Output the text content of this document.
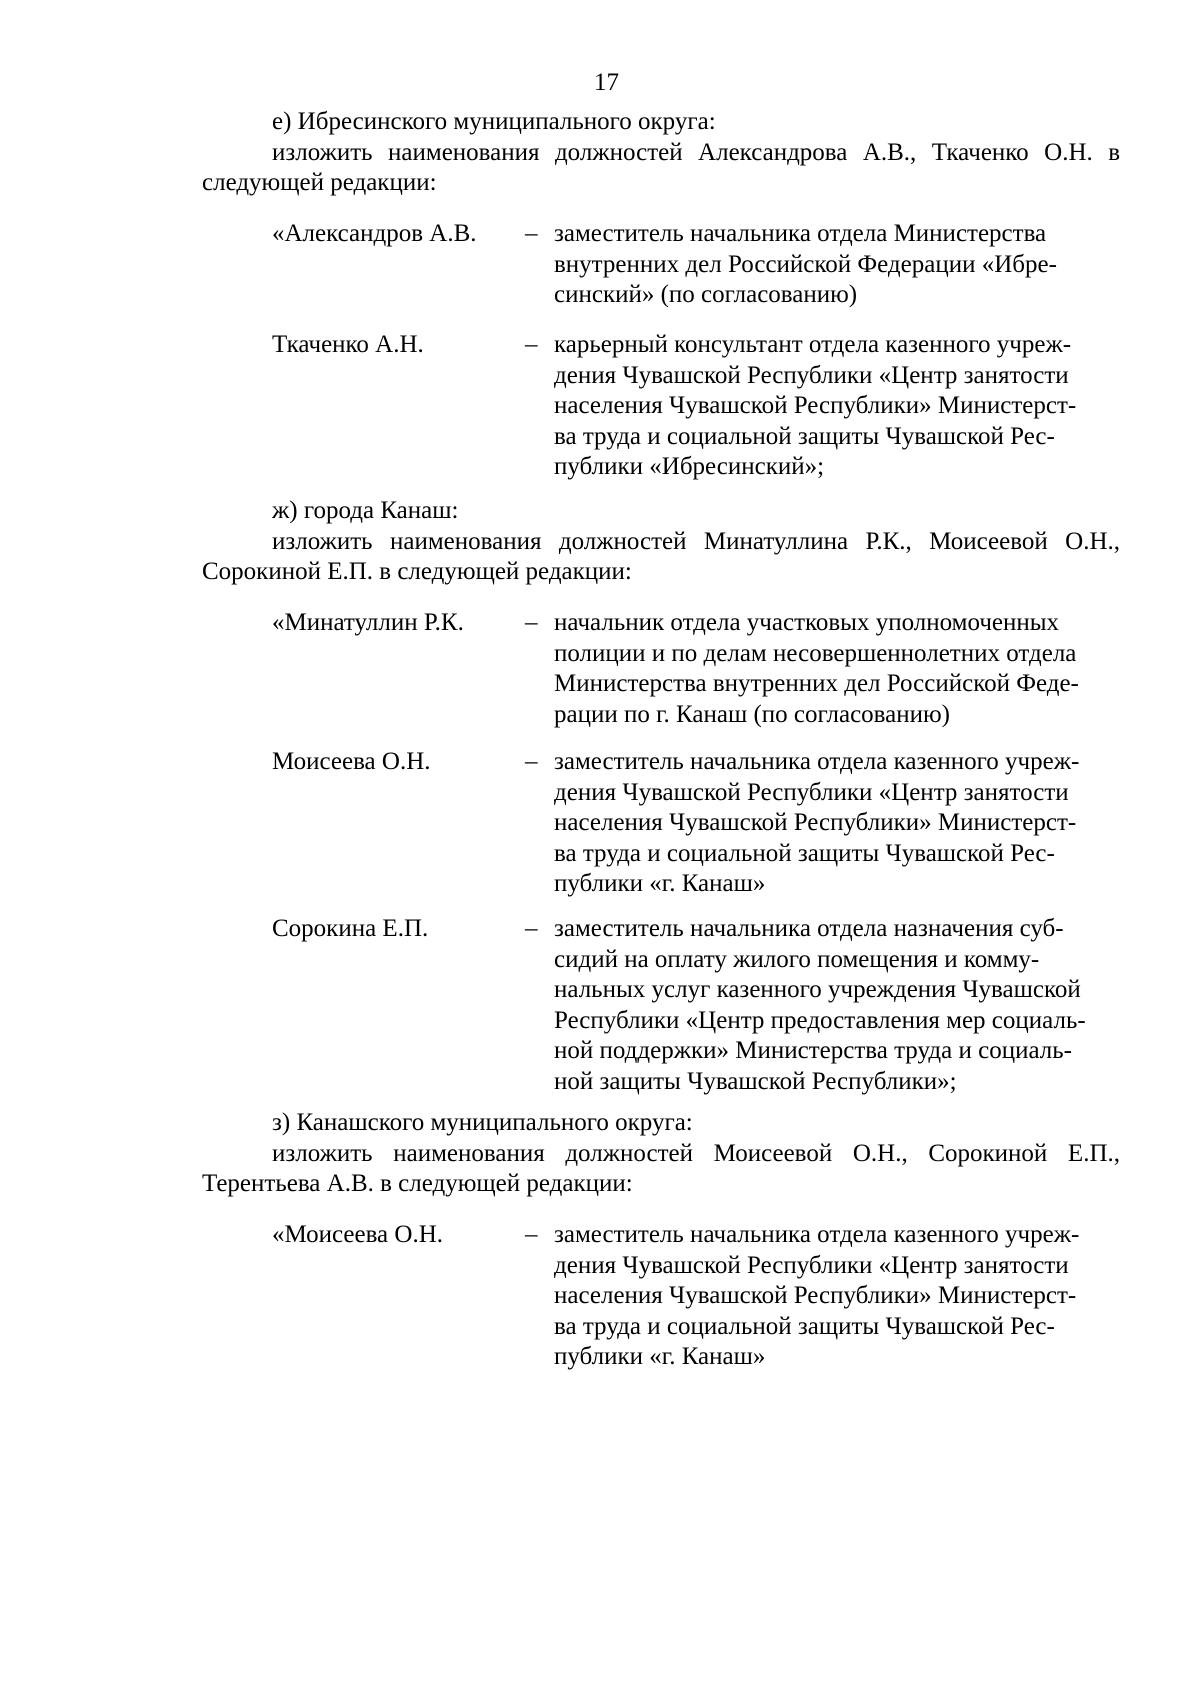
17

е) Ибресинского муниципального округа:

изложить наименования должностей Александрова А.В., Ткаченко О.Н. в следующей редакции:

«Александров А.В. – заместитель начальника отдела Министерства
внутренних дел Российской Федерации «Ибре-
синский» (по согласованию)
Ткаченко А.Н.	– карьерный консультант отдела казенного учреж-
дения Чувашской Республики «Центр занятости
населения Чувашской Республики» Министерст-
ва труда и социальной защиты Чувашской Рес-
публики «Ибресинский»;

ж) города Канаш:

изложить наименования должностей Минатуллина Р.К., Моисеевой О.Н., Сорокиной Е.П. в следующей редакции:

«Минатуллин Р.К. – начальник отдела участковых уполномоченных
полиции и по делам несовершеннолетних отдела
Министерства внутренних дел Российской Феде-
рации по г. Канаш (по согласованию)
Моисеева О.Н.	– заместитель начальника отдела казенного учреж-
дения Чувашской Республики «Центр занятости
населения Чувашской Республики» Министерст-
ва труда и социальной защиты Чувашской Рес-
публики «г. Канаш»
Сорокина Е.П.	– заместитель начальника отдела назначения суб-
сидий на оплату жилого помещения и комму-
нальных услуг казенного учреждения Чувашской
Республики «Центр предоставления мер социаль-
ной поддержки» Министерства труда и социаль-
ной защиты Чувашской Республики»;

з) Канашского муниципального округа:

изложить наименования должностей Моисеевой О.Н., Сорокиной Е.П., Терентьева А.В. в следующей редакции:

«Моисеева О.Н.	– заместитель начальника отдела казенного учреж-
дения Чувашской Республики «Центр занятости
населения Чувашской Республики» Министерст-
ва труда и социальной защиты Чувашской Рес-
публики «г. Канаш»
